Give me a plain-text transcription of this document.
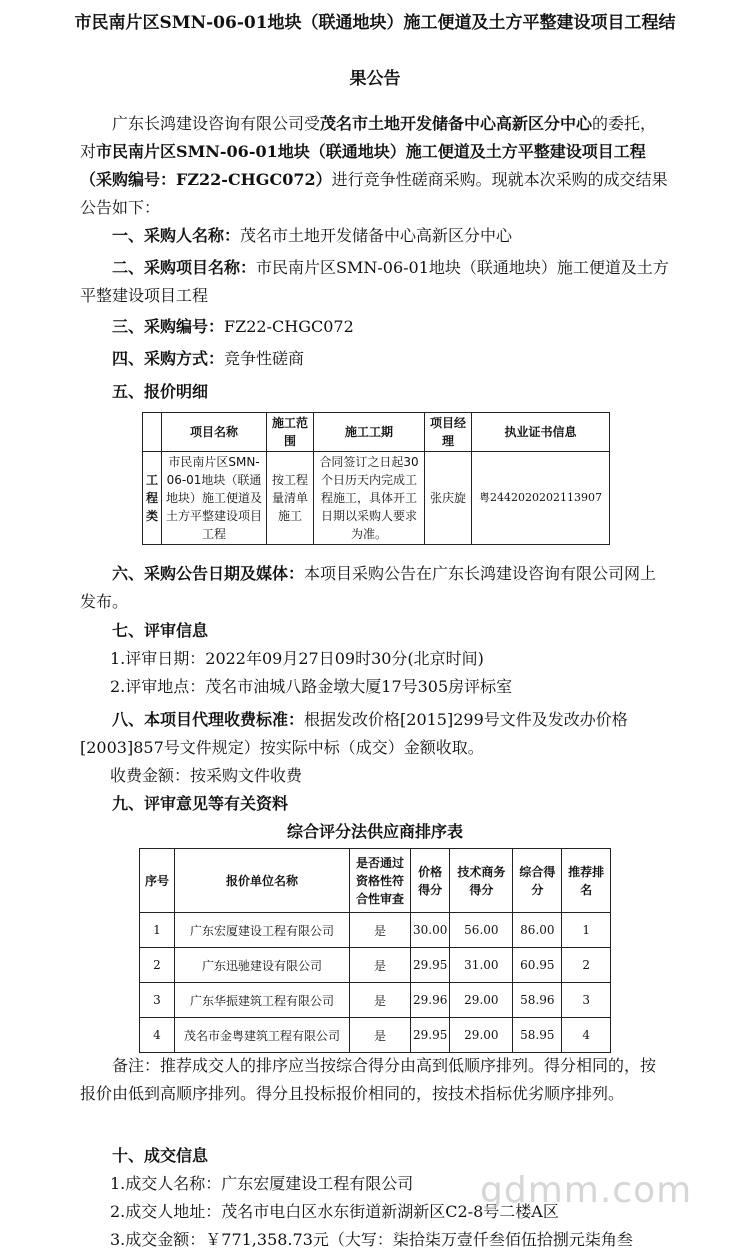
市民南片区SMN-06-01地块（联通地块）施工便道及土方平整建设项目工程结

果公告

广东长鸿建设咨询有限公司受茂名市土地开发储备中心高新区分中心的委托，对市民南片区SMN-06-01地块（联通地块）施工便道及土方平整建设项目工程（采购编号：FZ22-CHGC072）进行竞争性磋商采购。现就本次采购的成交结果公告如下：
一、采购人名称：茂名市土地开发储备中心高新区分中心
二、采购项目名称：市民南片区SMN-06-01地块（联通地块）施工便道及土方平整建设项目工程
三、采购编号：FZ22-CHGC072
四、采购方式：竞争性磋商
五、报价明细
	项目名称	施工范围	施工工期	项目经理	执业证书信息
工程类	市民南片区SMN-06-01地块（联通地块）施工便道及土方平整建设项目工程	按工程量清单施工	合同签订之日起30个日历天内完成工程施工，具体开工日期以采购人要求为准。	张庆旋	粤2442020202113907
六、采购公告日期及媒体：本项目采购公告在广东长鸿建设咨询有限公司网上发布。
七、评审信息
1.评审日期：2022年09月27日09时30分(北京时间)
2.评审地点：茂名市油城八路金墩大厦17号305房评标室
八、本项目代理收费标准：根据发改价格[2015]299号文件及发改办价格[2003]857号文件规定）按实际中标（成交）金额收取。
收费金额：按采购文件收费
九、评审意见等有关资料
综合评分法供应商排序表
序号	报价单位名称	是否通过资格性符合性审查	价格得分	技术商务得分	综合得分	推荐排名
1	广东宏厦建设工程有限公司	是	30.00	56.00	86.00	1
2	广东迅驰建设有限公司	是	29.95	31.00	60.95	2
3	广东华振建筑工程有限公司	是	29.96	29.00	58.96	3
4	茂名市金粤建筑工程有限公司	是	29.95	29.00	58.95	4
备注：推荐成交人的排序应当按综合得分由高到低顺序排列。得分相同的，按报价由低到高顺序排列。得分且投标报价相同的，按技术指标优劣顺序排列。
十、成交信息
1.成交人名称：广东宏厦建设工程有限公司
2.成交人地址：茂名市电白区水东街道新湖新区C2-8号二楼A区
3.成交金额：￥771,358.73元（大写：柒拾柒万壹仟叁佰伍拾捌元柒角叁
gdmm.com
